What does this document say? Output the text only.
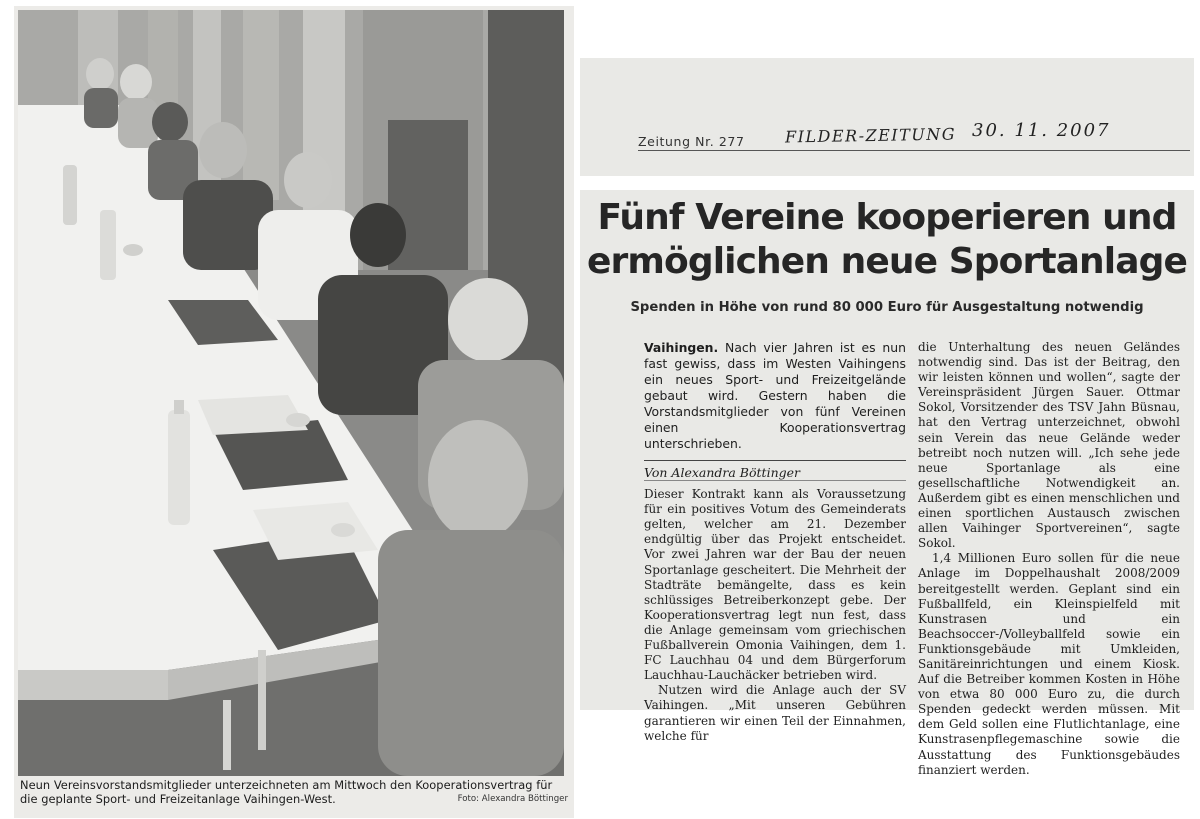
Neun Vereinsvorstandsmitglieder unterzeichneten am Mittwoch den Kooperationsvertrag für die geplante Sport- und Freizeitanlage Vaihingen-West.	Foto: Alexandra Böttinger
Zeitung Nr. 277	FILDER-ZEITUNG 30. 11. 2007
Fünf Vereine kooperieren und
ermöglichen neue Sportanlage
Spenden in Höhe von rund 80 000 Euro für Ausgestaltung notwendig

Vaihingen. Nach vier Jahren ist es nun fast gewiss, dass im Westen Vaihingens ein neues Sport- und Freizeitgelände gebaut wird. Gestern haben die Vorstandsmitglieder von fünf Vereinen einen Kooperationsvertrag unterschrieben.

Von Alexandra Böttinger

Dieser Kontrakt kann als Voraussetzung für ein positives Votum des Gemeinderats gelten, welcher am 21. Dezember endgültig über das Projekt entscheidet. Vor zwei Jahren war der Bau der neuen Sportanlage gescheitert. Die Mehrheit der Stadträte bemängelte, dass es kein schlüssiges Betreiberkonzept gebe. Der Kooperationsvertrag legt nun fest, dass die Anlage gemeinsam vom griechischen Fußballverein Omonia Vaihingen, dem 1. FC Lauchhau 04 und dem Bürgerforum Lauchhau-Lauchäcker betrieben wird.

Nutzen wird die Anlage auch der SV Vaihingen. „Mit unseren Gebühren garantieren wir einen Teil der Einnahmen, welche für

die Unterhaltung des neuen Geländes notwendig sind. Das ist der Beitrag, den wir leisten können und wollen“, sagte der Vereinspräsident Jürgen Sauer. Ottmar Sokol, Vorsitzender des TSV Jahn Büsnau, hat den Vertrag unterzeichnet, obwohl sein Verein das neue Gelände weder betreibt noch nutzen will. „Ich sehe jede neue Sportanlage als eine gesellschaftliche Notwendigkeit an. Außerdem gibt es einen menschlichen und einen sportlichen Austausch zwischen allen Vaihinger Sportvereinen“, sagte Sokol.

1,4 Millionen Euro sollen für die neue Anlage im Doppelhaushalt 2008/2009 bereitgestellt werden. Geplant sind ein Fußballfeld, ein Kleinspielfeld mit Kunstrasen und ein Beachsoccer-/Volleyballfeld sowie ein Funktionsgebäude mit Umkleiden, Sanitäreinrichtungen und einem Kiosk. Auf die Betreiber kommen Kosten in Höhe von etwa 80 000 Euro zu, die durch Spenden gedeckt werden müssen. Mit dem Geld sollen eine Flutlichtanlage, eine Kunstrasenpflegemaschine sowie die Ausstattung des Funktionsgebäudes finanziert werden.
